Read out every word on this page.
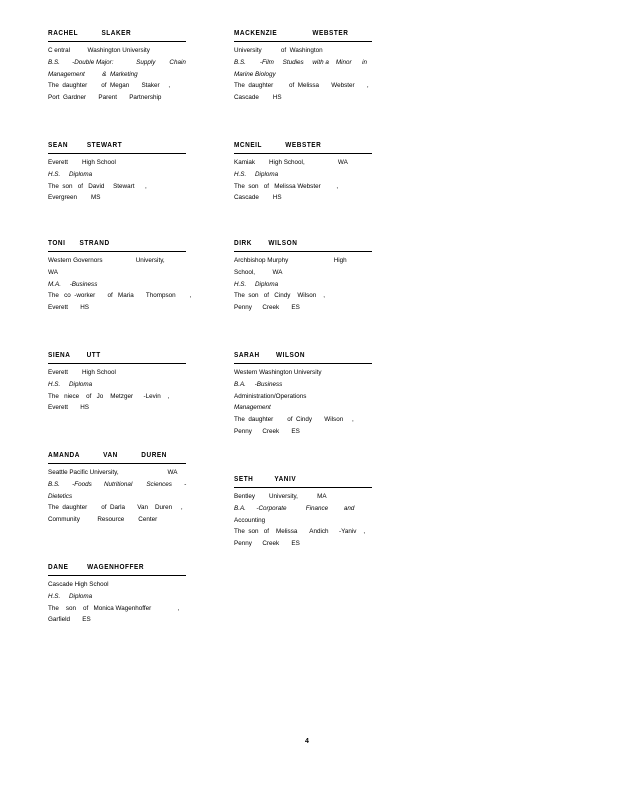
RACHEL          SLAKER
C entral          Washington University
B.S.       -Double Major:             Supply        Chain
Management          &  Marketing
The  daughter        of  Megan       Staker     ,
Port  Gardner       Parent       Partnership
MACKENZIE               WEBSTER
University           of  Washington
B.S.        -Film     Studies     with a    Minor      in
Marine Biology
The  daughter         of  Melissa       Webster       ,
Cascade        HS
SEAN        STEWART
Everett        High School
H.S.     Diploma
The  son   of   David     Stewart      ,
Evergreen        MS
MCNEIL          WEBSTER
Kamiak        High School,                   WA
H.S.     Diploma
The  son   of   Melissa Webster         ,
Cascade        HS
TONI      STRAND
Western Governors                   University,
WA
M.A.     -Business
The   co  -worker       of   Maria       Thompson        ,
Everett       HS
DIRK       WILSON
Archbishop Murphy                          High
School,          WA
H.S.     Diploma
The  son   of   Cindy    Wilson    ,
Penny      Creek       ES
SIENA       UTT
Everett        High School
H.S.     Diploma
The   niece    of   Jo    Metzger      -Levin    ,
Everett       HS
SARAH       WILSON
Western Washington University
B.A.     -Business
Administration/Operations
Management
The  daughter        of  Cindy       Wilson     ,
Penny      Creek       ES
AMANDA          VAN          DUREN
Seattle Pacific University,                            WA
B.S.       -Foods       Nutritional        Sciences       -
Dietetics
The  daughter        of  Darla       Van    Duren     ,
Community          Resource        Center
SETH         YANIV
Bentley        University,           MA
B.A.      -Corporate           Finance         and
Accounting
The  son   of    Melissa       Andich      -Yaniv    ,
Penny      Creek       ES
DANE        WAGENHOFFER
Cascade High School
H.S.     Diploma
The    son    of   Monica Wagenhoffer               ,
Garfield       ES
4
